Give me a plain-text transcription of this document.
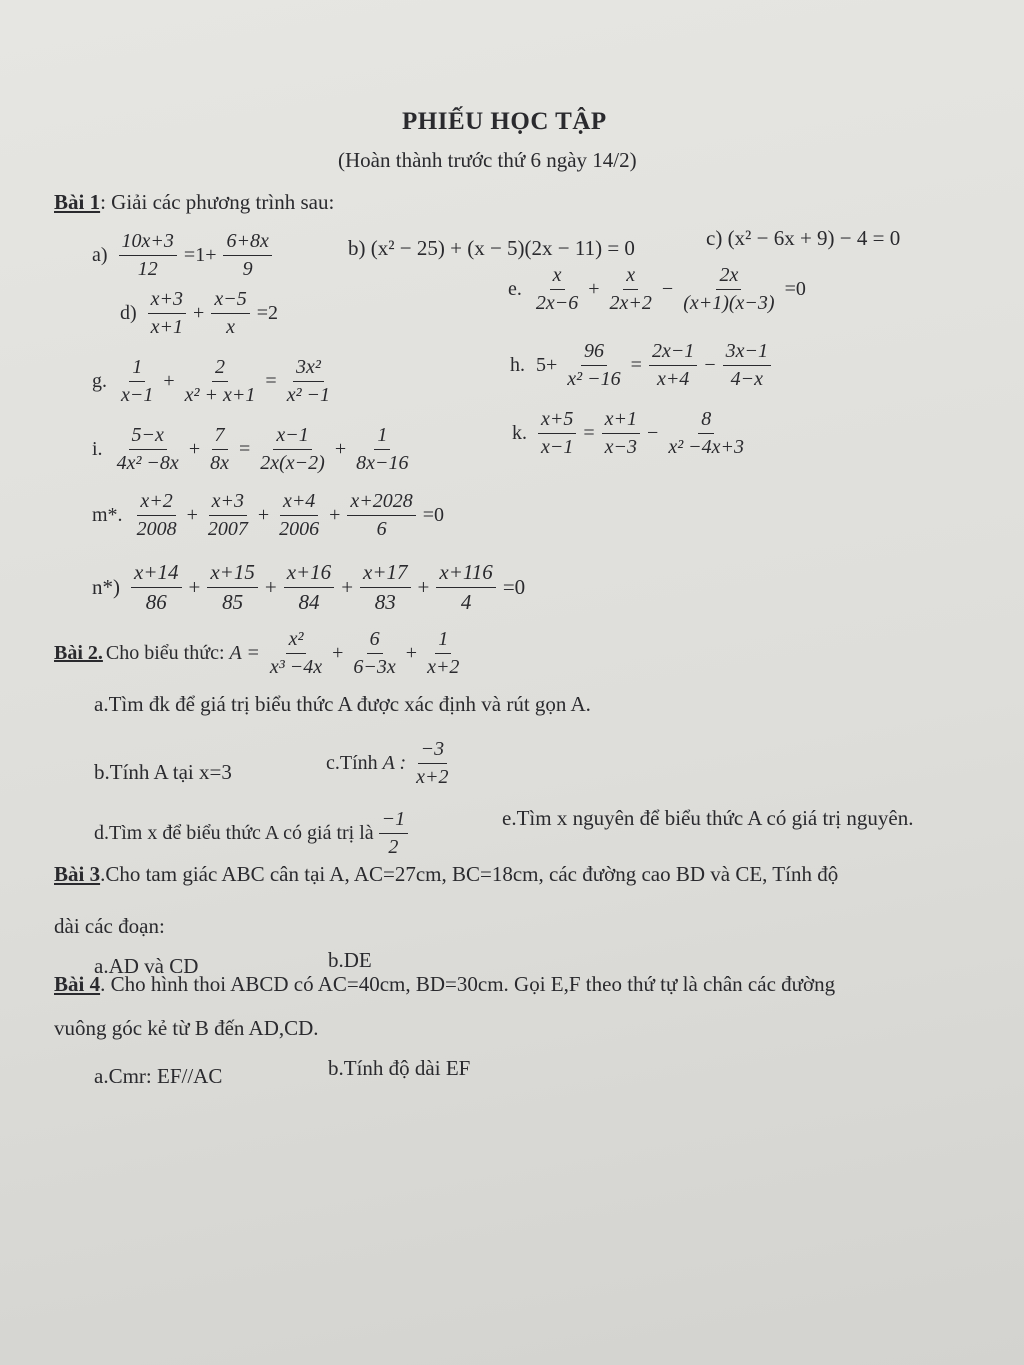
PHIẾU HỌC TẬP
(Hoàn thành trước thứ 6 ngày 14/2)
Bài 1: Giải các phương trình sau:
$a) \frac{10x+3}{12} =1+ \frac{6+8x}{9}$	b) (x² − 25) + (x − 5)(2x − 11) = 0	c) (x² − 6x + 9) − 4 = 0
$d) \frac{x+3}{x+1} + \frac{x-5}{x} =2$
e. $\frac{x}{2x-6} + \frac{x}{2x+2} - \frac{2x}{(x+1)(x-3)} =0$
g. $\frac{1}{x-1} + \frac{2}{\text{x² + x+1}} = \frac{\text{3x²}}{\text{x² −1}}$	h. $5+ \frac{96}{\text{x² −16}} = \frac{2x-1}{x+4} - \frac{3x-1}{4-x}$
i. $\frac{5-x}{\text{4x² −8x}} + \frac{7}{8x} = \frac{x-1}{2x(x-2)} + \frac{1}{8x-16}$	k. $\frac{x+5}{x-1} = \frac{x+1}{x-3} - \frac{8}{\text{x² −4x+3}}$
m*. $\frac{x+2}{2008} + \frac{x+3}{2007} + \frac{x+4}{2006} + \frac{x+2028}{6} =0$
$n*) \frac{x+14}{86} + \frac{x+15}{85} + \frac{x+16}{84} + \frac{x+17}{83} + \frac{x+116}{4} =0$
Bài 2. Cho biểu thức: $A = \frac{\text{x²}}{\text{x³ −4x}} + \frac{6}{6-3x} + \frac{1}{x+2}$
a.Tìm đk để giá trị biểu thức A được xác định và rút gọn A.
b.Tính A tại x=3	c.Tính A : $\frac{-3}{x+2}$
d.Tìm x để biểu thức A có giá trị là $\frac{-1}{2}$	e.Tìm x nguyên để biểu thức A có giá trị nguyên.
Bài 3.Cho tam giác ABC cân tại A, AC=27cm, BC=18cm, các đường cao BD và CE, Tính độ
dài các đoạn:
a.AD và CD	b.DE
Bài 4. Cho hình thoi ABCD có AC=40cm, BD=30cm. Gọi E,F theo thứ tự là chân các đường
vuông góc kẻ từ B đến AD,CD.
a.Cmr: EF//AC	b.Tính độ dài EF
